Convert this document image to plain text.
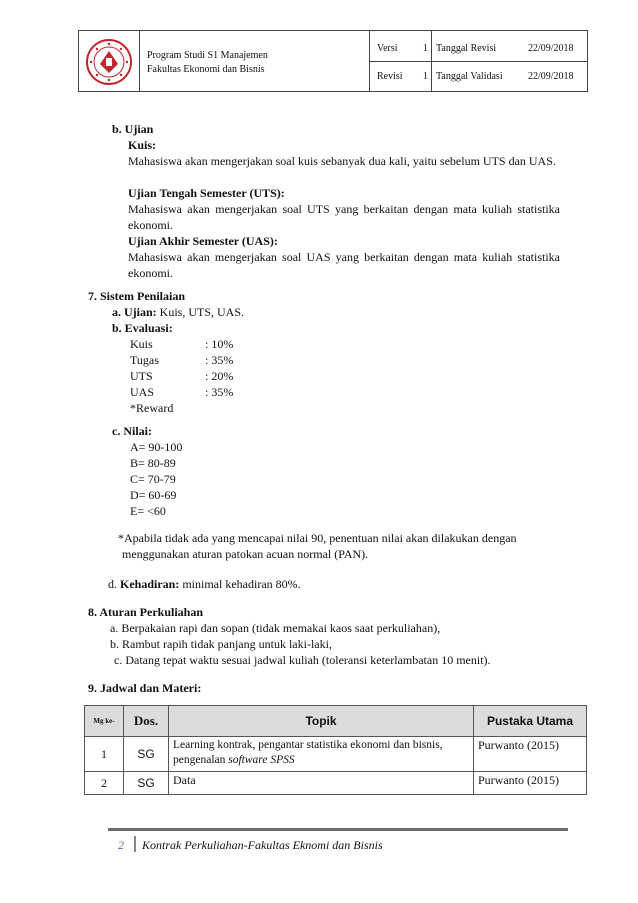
Program Studi S1 Manajemen
Fakultas Ekonomi dan Bisnis
Versi	1
Revisi 1
Tanggal Revisi	22/09/2018
Tanggal Validasi	22/09/2018
b. Ujian
Kuis:
Mahasiswa akan mengerjakan soal kuis sebanyak dua kali, yaitu sebelum UTS dan UAS.
Ujian Tengah Semester (UTS):
Mahasiswa akan mengerjakan soal UTS yang berkaitan dengan mata kuliah statistika ekonomi.
Ujian Akhir Semester (UAS):
Mahasiswa akan mengerjakan soal UAS yang berkaitan dengan mata kuliah statistika ekonomi.
7. Sistem Penilaian
a. Ujian: Kuis, UTS, UAS.
b. Evaluasi:
Kuis	: 10%
Tugas	: 35%
UTS	: 20%
UAS	: 35%
*Reward
c. Nilai:
A= 90-100
B= 80-89
C= 70-79
D= 60-69
E= <60
*Apabila tidak ada yang mencapai nilai 90, penentuan nilai akan dilakukan dengan
menggunakan aturan patokan acuan normal (PAN).
d. Kehadiran: minimal kehadiran 80%.
8. Aturan Perkuliahan
a. Berpakaian rapi dan sopan (tidak memakai kaos saat perkuliahan),
b. Rambut rapih tidak panjang untuk laki-laki,
c. Datang tepat waktu sesuai jadwal kuliah (toleransi keterlambatan 10 menit).
9. Jadwal dan Materi:
Mg ke-	Dos.	Topik	Pustaka Utama
1	SG	Learning kontrak, pengantar statistika ekonomi dan bisnis, pengenalan software SPSS	Purwanto (2015)
2	SG	Data	Purwanto (2015)
2 Kontrak Perkuliahan-Fakultas Eknomi dan Bisnis
